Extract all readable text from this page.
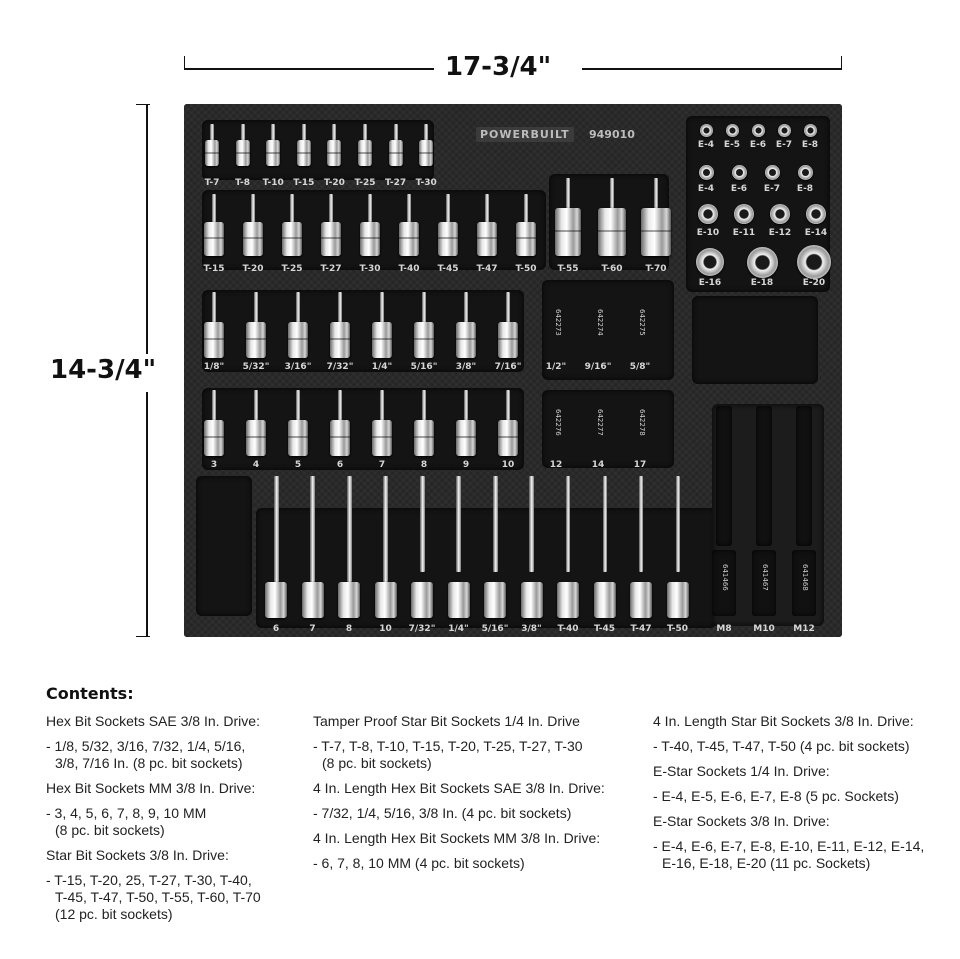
17-3/4"
14-3/4"
POWERBUILT	949010
T-7 T-8 T-10 T-15 T-20 T-25 T-27 T-30
T-15 T-20 T-25 T-27 T-30 T-40 T-45 T-47 T-50 T-55	T-60	T-70
1/8" 5/32" 3/16" 7/32" 1/4" 5/16" 3/8" 7/16"
3	4	5	6	7	8	9	10
642273
1/2"
642274
9/16"
642275
5/8"
642276
12
642277
14
642278
17
E-4 E-5 E-6 E-7 E-8
E-4 E-6 E-7 E-8
E-10 E-11 E-12 E-14
E-16	E-18	E-20
6	7	8	10 7/32" 1/4" 5/16" 3/8" T-40 T-45 T-47 T-50
641466
M8
641467
M10
641468
M12
Contents:
Hex Bit Sockets SAE 3/8 In. Drive:
- 1/8, 5/32, 3/16, 7/32, 1/4, 5/16,
3/8, 7/16 In. (8 pc. bit sockets)
Hex Bit Sockets MM 3/8 In. Drive:
- 3, 4, 5, 6, 7, 8, 9, 10 MM
(8 pc. bit sockets)
Star Bit Sockets 3/8 In. Drive:
- T-15, T-20, 25, T-27, T-30, T-40,
T-45, T-47, T-50, T-55, T-60, T-70
(12 pc. bit sockets)
Tamper Proof Star Bit Sockets 1/4 In. Drive
- T-7, T-8, T-10, T-15, T-20, T-25, T-27, T-30
(8 pc. bit sockets)
4 In. Length Hex Bit Sockets SAE 3/8 In. Drive:
- 7/32, 1/4, 5/16, 3/8 In. (4 pc. bit sockets)
4 In. Length Hex Bit Sockets MM 3/8 In. Drive:
- 6, 7, 8, 10 MM (4 pc. bit sockets)
4 In. Length Star Bit Sockets 3/8 In. Drive:
- T-40, T-45, T-47, T-50 (4 pc. bit sockets)
E-Star Sockets 1/4 In. Drive:
- E-4, E-5, E-6, E-7, E-8 (5 pc. Sockets)
E-Star Sockets 3/8 In. Drive:
- E-4, E-6, E-7, E-8, E-10, E-11, E-12, E-14,
E-16, E-18, E-20 (11 pc. Sockets)
